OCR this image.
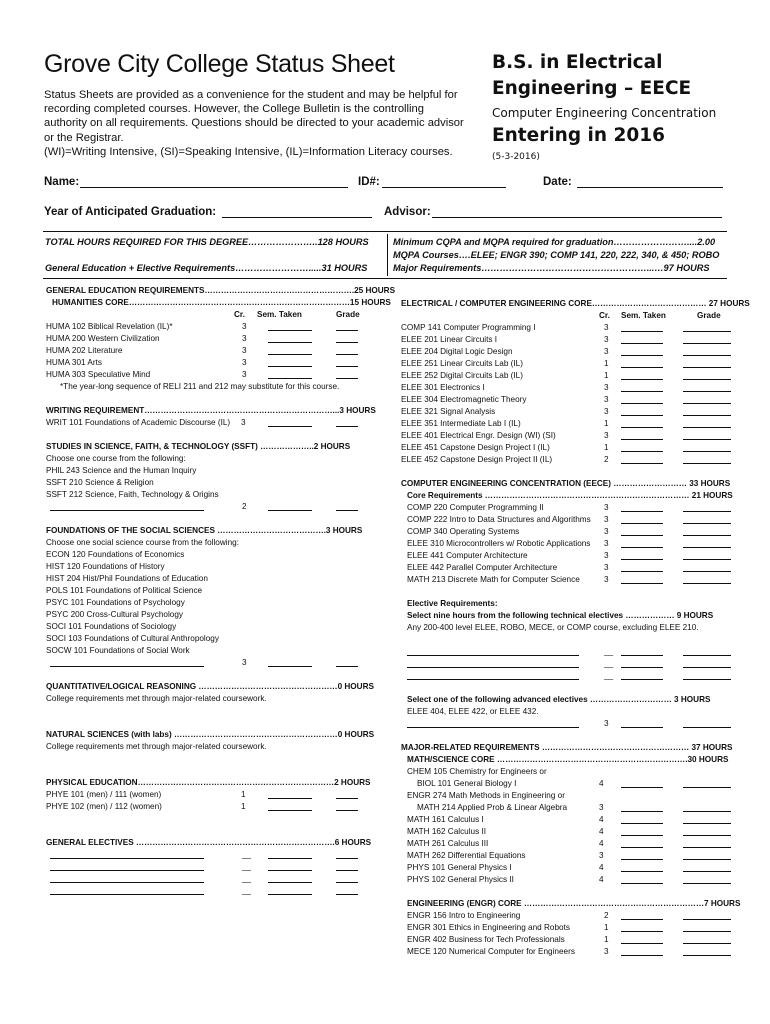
Grove City College Status Sheet
Status Sheets are provided as a convenience for the student and may be helpful for
recording completed courses. However, the College Bulletin is the controlling
authority on all requirements. Questions should be directed to your academic advisor
or the Registrar.
(WI)=Writing Intensive, (SI)=Speaking Intensive, (IL)=Information Literacy courses.
B.S. in Electrical
Engineering – EECE
Computer Engineering Concentration
Entering in 2016
(5-3-2016)
Name:	ID#:	Date:
Year of Anticipated Graduation:	Advisor:
TOTAL HOURS REQUIRED FOR THIS DEGREE…………………..128 HOURS
General Education + Elective Requirements…………………….....31 HOURS
Minimum CQPA and MQPA required for graduation……………………....2.00
MQPA Courses….ELEE; ENGR 390; COMP 141, 220, 222, 340, & 450; ROBO
Major Requirements………………………………………………...…97 HOURS
GENERAL EDUCATION REQUIREMENTS……………………………………………….25 HOURS
HUMANITIES CORE………………………………………………………………………15 HOURS
Cr. Sem. Taken	Grade
HUMA 102 Biblical Revelation (IL)*	3
HUMA 200 Western Civilization	3
HUMA 202 Literature	3
HUMA 301 Arts	3
HUMA 303 Speculative Mind	3
*The year-long sequence of RELI 211 and 212 may substitute for this course.
WRITING REQUIREMENT……………………………………………………………...3 HOURS
WRIT 101 Foundations of Academic Discourse (IL) 3
STUDIES IN SCIENCE, FAITH, & TECHNOLOGY (SSFT) ………………..2 HOURS
Choose one course from the following:
PHIL 243 Science and the Human Inquiry
SSFT 210 Science & Religion
SSFT 212 Science, Faith, Technology & Origins
2
FOUNDATIONS OF THE SOCIAL SCIENCES ………………………………….3 HOURS
Choose one social science course from the following:
ECON 120 Foundations of Economics
HIST 120 Foundations of History
HIST 204 Hist/Phil Foundations of Education
POLS 101 Foundations of Political Science
PSYC 101 Foundations of Psychology
PSYC 200 Cross-Cultural Psychology
SOCI 101 Foundations of Sociology
SOCI 103 Foundations of Cultural Anthropology
SOCW 101 Foundations of Social Work
3
QUANTITATIVE/LOGICAL REASONING ……………………………………………0 HOURS
College requirements met through major-related coursework.
NATURAL SCIENCES (with labs) ……………………………………………………0 HOURS
College requirements met through major-related coursework.
PHYSICAL EDUCATION………………………………………………………………2 HOURS
PHYE 101 (men) / 111 (women)	1
PHYE 102 (men) / 112 (women)	1
GENERAL ELECTIVES ……………………………………………………………….6 HOURS
__
__
__
__
ELECTRICAL / COMPUTER ENGINEERING CORE…………………………………… 27 HOURS
Cr. Sem. Taken	Grade
COMP 141 Computer Programming I	3
ELEE 201 Linear Circuits I	3
ELEE 204 Digital Logic Design	3
ELEE 251 Linear Circuits Lab (IL)	1
ELEE 252 Digital Circuits Lab (IL)	1
ELEE 301 Electronics I	3
ELEE 304 Electromagnetic Theory	3
ELEE 321 Signal Analysis	3
ELEE 351 Intermediate Lab I (IL)	1
ELEE 401 Electrical Engr. Design (WI) (SI)	3
ELEE 451 Capstone Design Project I (IL)	1
ELEE 452 Capstone Design Project II (IL)	2
COMPUTER ENGINEERING CONCENTRATION (EECE) ……………………… 33 HOURS
Core Requirements ………………………………………………………………… 21 HOURS
COMP 220 Computer Programming II	3
COMP 222 Intro to Data Structures and Algorithms 3
COMP 340 Operating Systems	3
ELEE 310 Microcontrollers w/ Robotic Applications 3
ELEE 441 Computer Architecture	3
ELEE 442 Parallel Computer Architecture	3
MATH 213 Discrete Math for Computer Science	3
Elective Requirements:
Select nine hours from the following technical electives ……………… 9 HOURS
Any 200-400 level ELEE, ROBO, MECE, or COMP course, excluding ELEE 210.
__
__
__
Select one of the following advanced electives ………………………… 3 HOURS
ELEE 404, ELEE 422, or ELEE 432.
3
MAJOR-RELATED REQUIREMENTS ……………………………………………… 37 HOURS
MATH/SCIENCE CORE …………………………………………………………….30 HOURS
CHEM 105 Chemistry for Engineers or
BIOL 101 General Biology I	4
ENGR 274 Math Methods in Engineering or
MATH 214 Applied Prob & Linear Algebra	3
MATH 161 Calculus I	4
MATH 162 Calculus II	4
MATH 261 Calculus III	4
MATH 262 Differential Equations	3
PHYS 101 General Physics I	4
PHYS 102 General Physics II	4
ENGINEERING (ENGR) CORE …………………………………………………………7 HOURS
ENGR 156 Intro to Engineering	2
ENGR 301 Ethics in Engineering and Robots	1
ENGR 402 Business for Tech Professionals	1
MECE 120 Numerical Computer for Engineers	3
